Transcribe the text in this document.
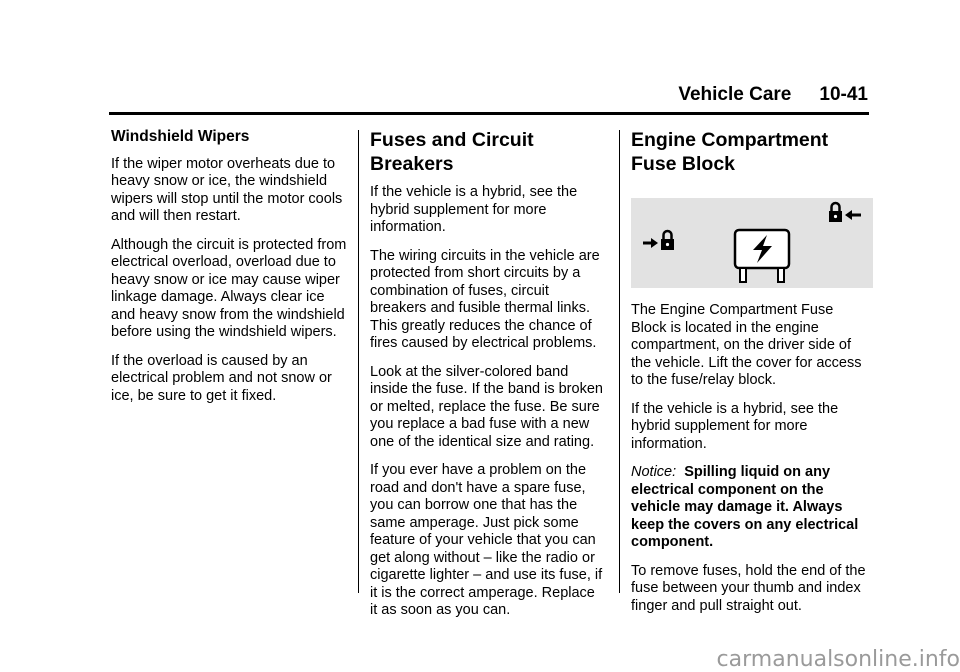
Vehicle Care 10-41
Windshield Wipers

If the wiper motor overheats due to heavy snow or ice, the windshield wipers will stop until the motor cools and will then restart.

Although the circuit is protected from electrical overload, overload due to heavy snow or ice may cause wiper linkage damage. Always clear ice and heavy snow from the windshield before using the windshield wipers.

If the overload is caused by an electrical problem and not snow or ice, be sure to get it fixed.

Fuses and Circuit Breakers

If the vehicle is a hybrid, see the hybrid supplement for more information.

The wiring circuits in the vehicle are protected from short circuits by a combination of fuses, circuit breakers and fusible thermal links. This greatly reduces the chance of fires caused by electrical problems.

Look at the silver-colored band inside the fuse. If the band is broken or melted, replace the fuse. Be sure you replace a bad fuse with a new one of the identical size and rating.

If you ever have a problem on the road and don't have a spare fuse, you can borrow one that has the same amperage. Just pick some feature of your vehicle that you can get along without – like the radio or cigarette lighter – and use its fuse, if it is the correct amperage. Replace it as soon as you can.

Engine Compartment Fuse Block

The Engine Compartment Fuse Block is located in the engine compartment, on the driver side of the vehicle. Lift the cover for access to the fuse/relay block.

If the vehicle is a hybrid, see the hybrid supplement for more information.

Notice: Spilling liquid on any electrical component on the vehicle may damage it. Always keep the covers on any electrical component.

To remove fuses, hold the end of the fuse between your thumb and index finger and pull straight out.

carmanualsonline.info
